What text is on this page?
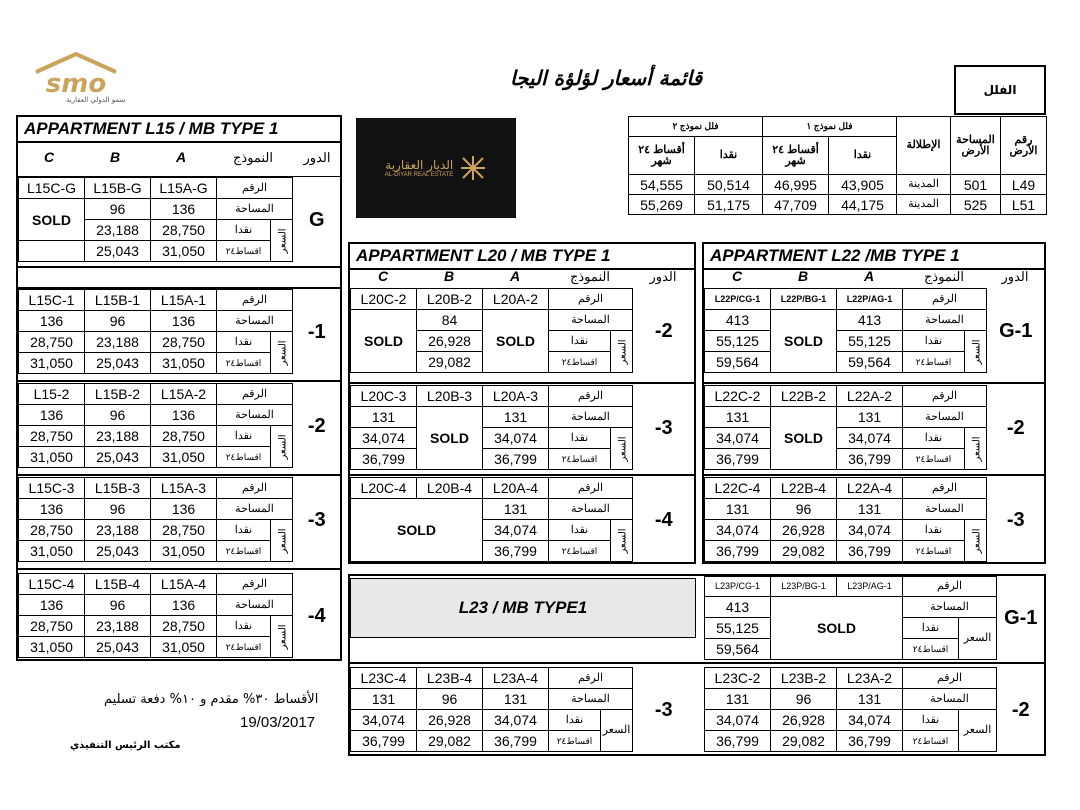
smo
سمو الدولي العقارية
قائمة أسعار لؤلؤة اليجا	الفلل
الديار العقارية
AL-DIYAR REAL ESTATE
فلل نموذج ٢		فلل نموذج ١		الإطلالة	المساحة الأرض	رقم الأرض
أقساط ٢٤ شهر	نقدا	أقساط ٢٤ شهر	نقدا			
54,555	50,514	46,995	43,905	المدينة	501	L49
55,269	51,175	47,709	44,175	المدينة	525	L51
APPARTMENT L15 / MB TYPE 1
C	B	A	النموذج	الدور
L15C-G	L15B-G	L15A-G	الرقم		G
SOLD	96	136	المساحة		
	23,188	28,750	نقدا	السعر	
	25,043	31,050	اقساط٢٤		
L15C-1	L15B-1	L15A-1	الرقم		-1
136	96	136	المساحة		
28,750	23,188	28,750	نقدا	السعر	
31,050	25,043	31,050	اقساط٢٤		
L15-2	L15B-2	L15A-2	الرقم		-2
136	96	136	المساحة		
28,750	23,188	28,750	نقدا	السعر	
31,050	25,043	31,050	اقساط٢٤		
L15C-3	L15B-3	L15A-3	الرقم		-3
136	96	136	المساحة		
28,750	23,188	28,750	نقدا	السعر	
31,050	25,043	31,050	اقساط٢٤		
L15C-4	L15B-4	L15A-4	الرقم		-4
136	96	136	المساحة		
28,750	23,188	28,750	نقدا	السعر	
31,050	25,043	31,050	اقساط٢٤		
APPARTMENT L20 / MB TYPE 1
C	B	A	النموذج	الدور
L20C-2	L20B-2	L20A-2	الرقم		-2
SOLD	84	SOLD	المساحة		
	26,928		نقدا	السعر	
	29,082		اقساط٢٤		
L20C-3	L20B-3	L20A-3	الرقم		-3
131	SOLD	131	المساحة		
34,074		34,074	نقدا	السعر	
36,799		36,799	اقساط٢٤		
L20C-4	L20B-4	L20A-4	الرقم		-4
SOLD		131	المساحة		
		34,074	نقدا	السعر	
		36,799	اقساط٢٤		
APPARTMENT L22 /MB TYPE 1
C	B	A	النموذج	الدور
L22P/CG-1	L22P/BG-1	L22P/AG-1	الرقم		G-1
413	SOLD	413	المساحة		
55,125		55,125	نقدا	السعر	
59,564		59,564	اقساط٢٤		
L22C-2	L22B-2	L22A-2	الرقم		-2
131	SOLD	131	المساحة		
34,074		34,074	نقدا	السعر	
36,799		36,799	اقساط٢٤		
L22C-4	L22B-4	L22A-4	الرقم		-3
131	96	131	المساحة		
34,074	26,928	34,074	نقدا	السعر	
36,799	29,082	36,799	اقساط٢٤		
L23 / MB TYPE1
L23P/CG-1	L23P/BG-1	L23P/AG-1	الرقم		G-1
413	SOLD		المساحة		
55,125			نقدا	السعر	
59,564			اقساط٢٤		
L23C-4	L23B-4	L23A-4	الرقم		-3
131	96	131	المساحة		
34,074	26,928	34,074	نقدا	السعر	
36,799	29,082	36,799	اقساط٢٤		
L23C-2	L23B-2	L23A-2	الرقم		-2
131	96	131	المساحة		
34,074	26,928	34,074	نقدا	السعر	
36,799	29,082	36,799	اقساط٢٤		
الأقساط ٣٠% مقدم و ١٠% دفعة تسليم
19/03/2017
مكتب الرئيس التنفيذي
